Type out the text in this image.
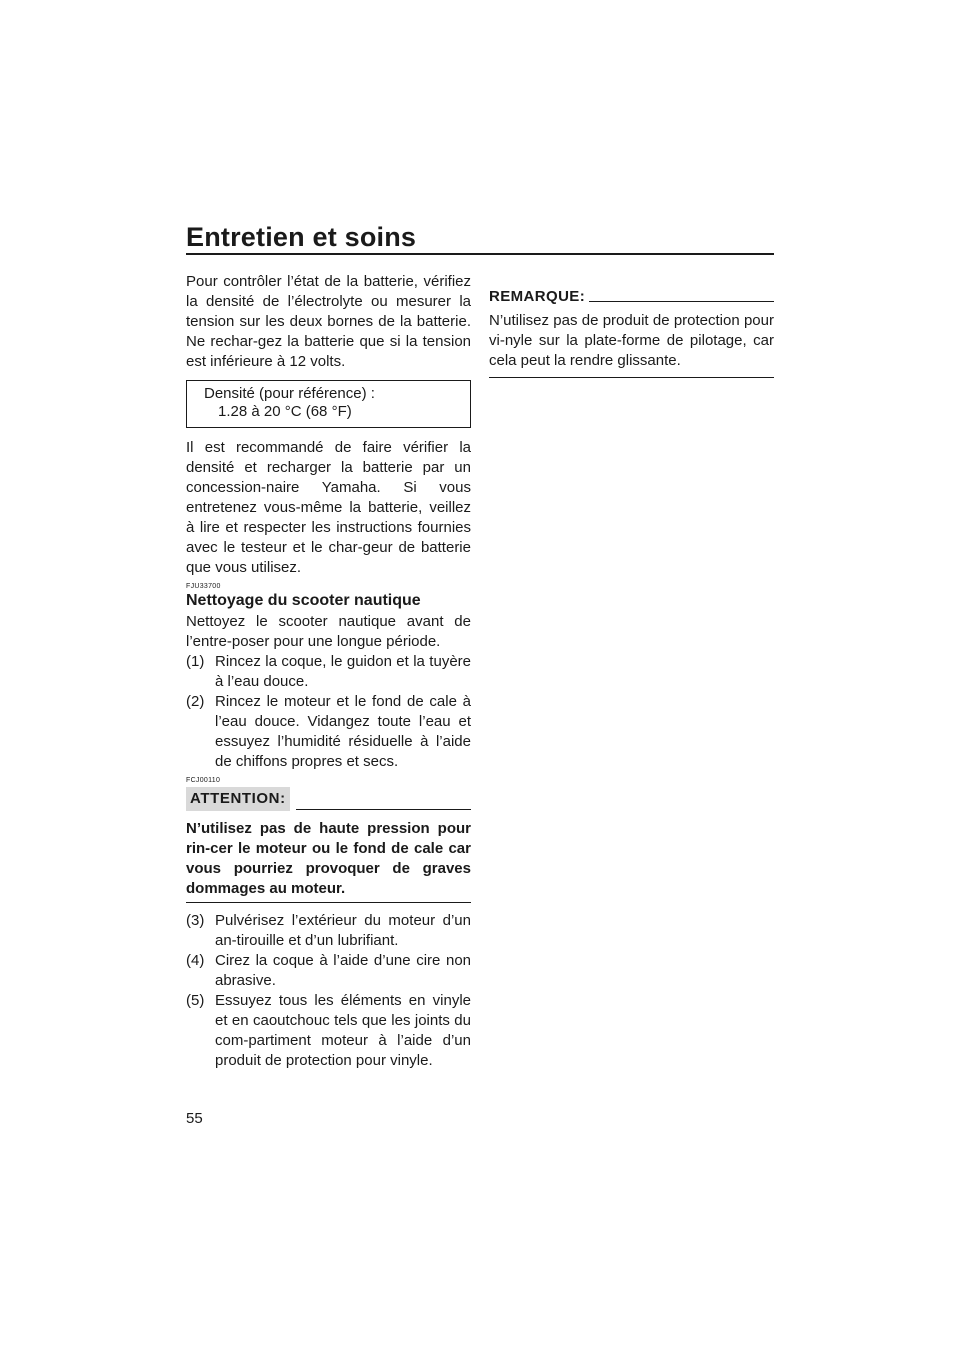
Entretien et soins

Pour contrôler l’état de la batterie, vérifiez la densité de l’électrolyte ou mesurer la tension sur les deux bornes de la batterie. Ne rechar-gez la batterie que si la tension est inférieure à 12 volts.

Densité (pour référence) :
1.28 à 20 °C (68 °F)

Il est recommandé de faire vérifier la densité et recharger la batterie par un concession-naire Yamaha. Si vous entretenez vous-même la batterie, veillez à lire et respecter les instructions fournies avec le testeur et le char-geur de batterie que vous utilisez.

FJU33700
Nettoyage du scooter nautique

Nettoyez le scooter nautique avant de l’entre-poser pour une longue période.

(1) Rincez la coque, le guidon et la tuyère à l’eau douce.
(2) Rincez le moteur et le fond de cale à l’eau douce. Vidangez toute l’eau et essuyez l’humidité résiduelle à l’aide de chiffons propres et secs.
FCJ00110
ATTENTION:

N’utilisez pas de haute pression pour rin-cer le moteur ou le fond de cale car vous pourriez provoquer de graves dommages au moteur.

(3) Pulvérisez l’extérieur du moteur d’un an-tirouille et d’un lubrifiant.
(4) Cirez la coque à l’aide d’une cire non abrasive.
(5) Essuyez tous les éléments en vinyle et en caoutchouc tels que les joints du com-partiment moteur à l’aide d’un produit de protection pour vinyle.
REMARQUE:

N’utilisez pas de produit de protection pour vi-nyle sur la plate-forme de pilotage, car cela peut la rendre glissante.

55
